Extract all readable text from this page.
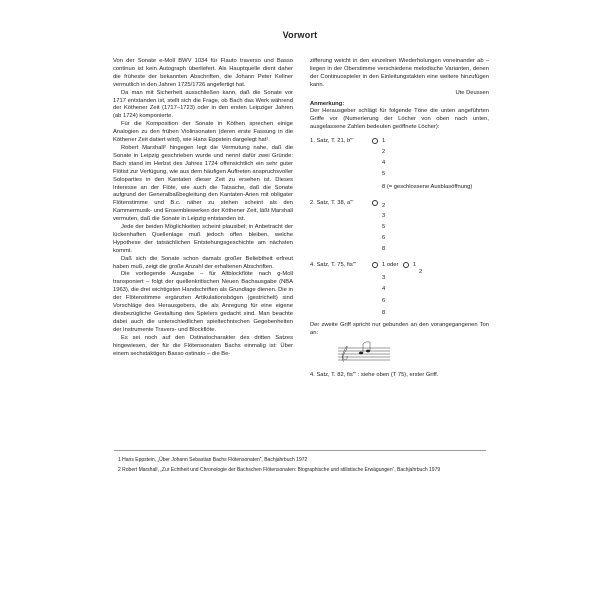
Vorwort

Von der Sonate e-Moll BWV 1034 für Flauto traverso und Basso continuo ist kein Autograph überliefert. Als Hauptquelle dient daher die früheste der bekannten Abschriften, die Johann Peter Kellner vermutlich in den Jahren 1725/1726 angefertigt hat.

Da man mit Sicherheit ausschließen kann, daß die Sonate vor 1717 entstanden ist, stellt sich die Frage, ob Bach das Werk während der Köthener Zeit (1717–1723) oder in den ersten Leipziger Jahren (ab 1724) komponierte.

Für die Komposition der Sonate in Köthen sprechen einige Analogien zu den frühen Violinsonaten (deren erste Fassung in die Köthener Zeit datiert wird), wie Hans Eppstein dargelegt hat¹.

Robert Marshall² hingegen legt die Vermutung nahe, daß die Sonate in Leipzig geschrieben wurde und nennt dafür zwei Gründe: Bach stand im Herbst des Jahres 1724 offensichtlich ein sehr guter Flötist zur Verfügung, wie aus dem häufigen Auftreten anspruchsvoller Soloparties in den Kantaten dieser Zeit zu ersehen ist. Dieses Interesse an der Flöte, wie auch die Tatsache, daß die Sonate aufgrund der Generalbaßbegleitung den Kantaten-Arien mit obligater Flötenstimme und B.c. näher zu stehen scheint als den Kammermusik- und Ensemblewerken der Köthener Zeit, läßt Marshall vermuten, daß die Sonate in Leipzig entstanden ist.

Jede der beiden Möglichkeiten scheint plausibel; in Anbetracht der lückenhaften Quellenlage muß jedoch offen bleiben, welche Hypothese der tatsächlichen Entstehungsgeschichte am nächsten kommt.

Daß sich die Sonate schon damals großer Beliebtheit erfreut haben muß, zeigt die große Anzahl der erhaltenen Abschriften.

Die vorliegende Ausgabe – für Altblockflöte nach g-Moll transponiert – folgt der quellenkritischen Neuen Bachausgabe (NBA 1963), die drei wichtigsten Handschriften als Grundlage dienen. Die in der Flötenstimme ergänzten Artikulationsbögen (gestrichelt) sind Vorschläge des Herausgebers, die als Anregung für eine eigene diesbezügliche Gestaltung des Spielers gedacht sind. Man beachte dabei auch die unterschiedlichen spieltechnischen Gegebenheiten der Instrumente Travers- und Blockflöte.

Es sei noch auf den Ostinatocharakter des dritten Satzes hingewiesen, der für die Flötensonaten Bachs einmalig ist: Über einem sechstaktigen Basso ostinato – die Be-

zifferung weicht in den einzelnen Wiederholungen voneinander ab – liegen in der Oberstimme verschiedene melodische Varianten, denen der Continuospieler in den Einleitungstakten eine weitere hinzufügen kann.

Ute Deussen
Anmerkung:

Der Herausgeber schlägt für folgende Töne die unten angeführten Griffe vor (Numerierung der Löcher von oben nach unten, ausgelassene Zahlen bedeuten geöffnete Löcher):

1. Satz, T. 21, b'''	1
2
4
5
8 (= geschlossene Ausblasöffnung)
2. Satz, T. 38, a'''	2
3
5
6
8
4. Satz, T. 75, fis'''	1 oder	1
2
3
4
6
8

Der zweite Griff spricht nur gebunden an den vorangegangenen Ton an:

4. Satz, T. 82, fis''' : siehe oben (T 75), erster Griff.

1 Hans Eppstein, „Über Johann Sebastian Bachs Flötensonaten“, Bachjahrbuch 1972
2 Robert Marshall, „Zur Echtheit und Chronologie der Bachschen Flötensonaten: Biographische und stilistische Erwägungen“, Bachjahrbuch 1979
